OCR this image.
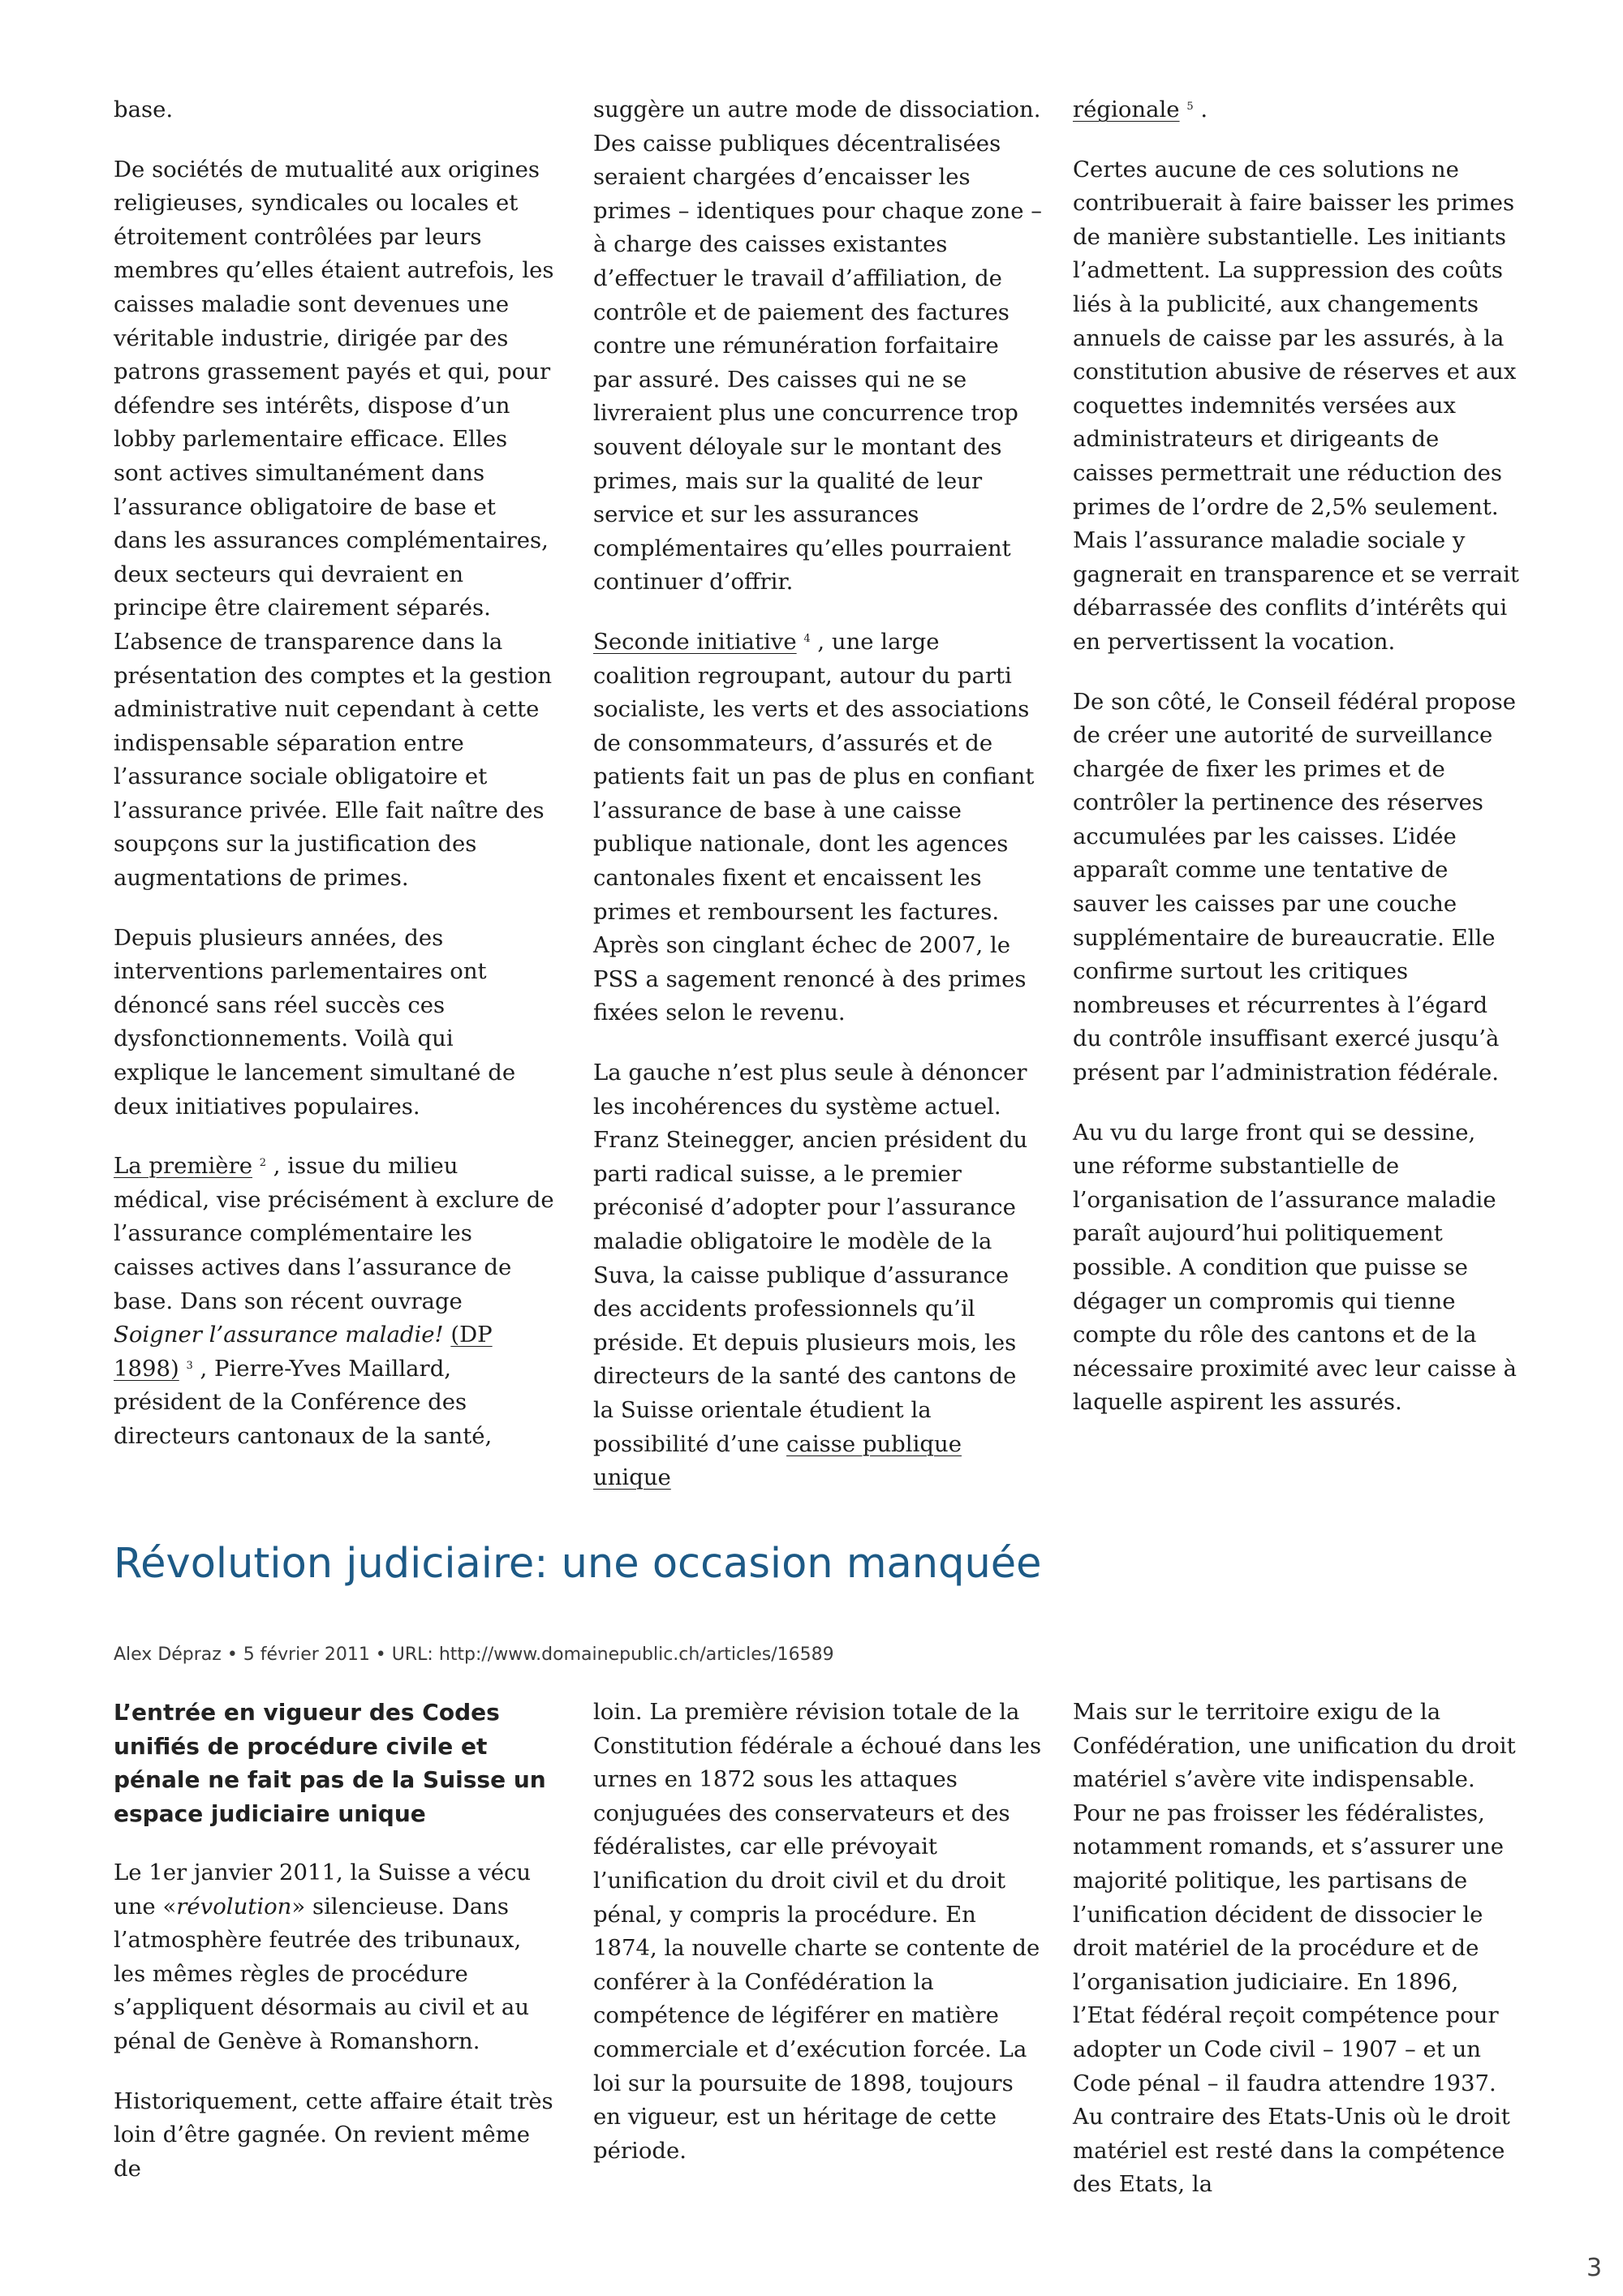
base.

De sociétés de mutualité aux origines religieuses, syndicales ou locales et étroitement contrôlées par leurs membres qu’elles étaient autrefois, les caisses maladie sont devenues une véritable industrie, dirigée par des patrons grassement payés et qui, pour défendre ses intérêts, dispose d’un lobby parlementaire efficace. Elles sont actives simultanément dans l’assurance obligatoire de base et dans les assurances complémentaires, deux secteurs qui devraient en principe être clairement séparés. L’absence de transparence dans la présentation des comptes et la gestion administrative nuit cependant à cette indispensable séparation entre l’assurance sociale obligatoire et l’assurance privée. Elle fait naître des soupçons sur la justification des augmentations de primes.

Depuis plusieurs années, des interventions parlementaires ont dénoncé sans réel succès ces dysfonctionnements. Voilà qui explique le lancement simultané de deux initiatives populaires.

La première $^2$ , issue du milieu médical, vise précisément à exclure de l’assurance complémentaire les caisses actives dans l’assurance de base. Dans son récent ouvrage Soigner l’assurance maladie! (DP 1898) $^3$ , Pierre-Yves Maillard, président de la Conférence des directeurs cantonaux de la santé,

suggère un autre mode de dissociation. Des caisse publiques décentralisées seraient chargées d’encaisser les primes – identiques pour chaque zone – à charge des caisses existantes d’effectuer le travail d’affiliation, de contrôle et de paiement des factures contre une rémunération forfaitaire par assuré. Des caisses qui ne se livreraient plus une concurrence trop souvent déloyale sur le montant des primes, mais sur la qualité de leur service et sur les assurances complémentaires qu’elles pourraient continuer d’offrir.

Seconde initiative $^4$ , une large coalition regroupant, autour du parti socialiste, les verts et des associations de consommateurs, d’assurés et de patients fait un pas de plus en confiant l’assurance de base à une caisse publique nationale, dont les agences cantonales fixent et encaissent les primes et remboursent les factures. Après son cinglant échec de 2007, le PSS a sagement renoncé à des primes fixées selon le revenu.

La gauche n’est plus seule à dénoncer les incohérences du système actuel. Franz Steinegger, ancien président du parti radical suisse, a le premier préconisé d’adopter pour l’assurance maladie obligatoire le modèle de la Suva, la caisse publique d’assurance des accidents professionnels qu’il préside. Et depuis plusieurs mois, les directeurs de la santé des cantons de la Suisse orientale étudient la possibilité d’une caisse publique unique

régionale $^5$ .

Certes aucune de ces solutions ne contribuerait à faire baisser les primes de manière substantielle. Les initiants l’admettent. La suppression des coûts liés à la publicité, aux changements annuels de caisse par les assurés, à la constitution abusive de réserves et aux coquettes indemnités versées aux administrateurs et dirigeants de caisses permettrait une réduction des primes de l’ordre de 2,5% seulement. Mais l’assurance maladie sociale y gagnerait en transparence et se verrait débarrassée des conflits d’intérêts qui en pervertissent la vocation.

De son côté, le Conseil fédéral propose de créer une autorité de surveillance chargée de fixer les primes et de contrôler la pertinence des réserves accumulées par les caisses. L’idée apparaît comme une tentative de sauver les caisses par une couche supplémentaire de bureaucratie. Elle confirme surtout les critiques nombreuses et récurrentes à l’égard du contrôle insuffisant exercé jusqu’à présent par l’administration fédérale.

Au vu du large front qui se dessine, une réforme substantielle de l’organisation de l’assurance maladie paraît aujourd’hui politiquement possible. A condition que puisse se dégager un compromis qui tienne compte du rôle des cantons et de la nécessaire proximité avec leur caisse à laquelle aspirent les assurés.

Révolution judiciaire: une occasion manquée
Alex Dépraz • 5 février 2011 • URL: http://www.domainepublic.ch/articles/16589

L’entrée en vigueur des Codes unifiés de procédure civile et pénale ne fait pas de la Suisse un espace judiciaire unique

Le 1er janvier 2011, la Suisse a vécu une «révolution» silencieuse. Dans l’atmosphère feutrée des tribunaux, les mêmes règles de procédure s’appliquent désormais au civil et au pénal de Genève à Romanshorn.

Historiquement, cette affaire était très loin d’être gagnée. On revient même de

loin. La première révision totale de la Constitution fédérale a échoué dans les urnes en 1872 sous les attaques conjuguées des conservateurs et des fédéralistes, car elle prévoyait l’unification du droit civil et du droit pénal, y compris la procédure. En 1874, la nouvelle charte se contente de conférer à la Confédération la compétence de légiférer en matière commerciale et d’exécution forcée. La loi sur la poursuite de 1898, toujours en vigueur, est un héritage de cette période.

Mais sur le territoire exigu de la Confédération, une unification du droit matériel s’avère vite indispensable. Pour ne pas froisser les fédéralistes, notamment romands, et s’assurer une majorité politique, les partisans de l’unification décident de dissocier le droit matériel de la procédure et de l’organisation judiciaire. En 1896, l’Etat fédéral reçoit compétence pour adopter un Code civil – 1907 – et un Code pénal – il faudra attendre 1937. Au contraire des Etats-Unis où le droit matériel est resté dans la compétence des Etats, la

3
